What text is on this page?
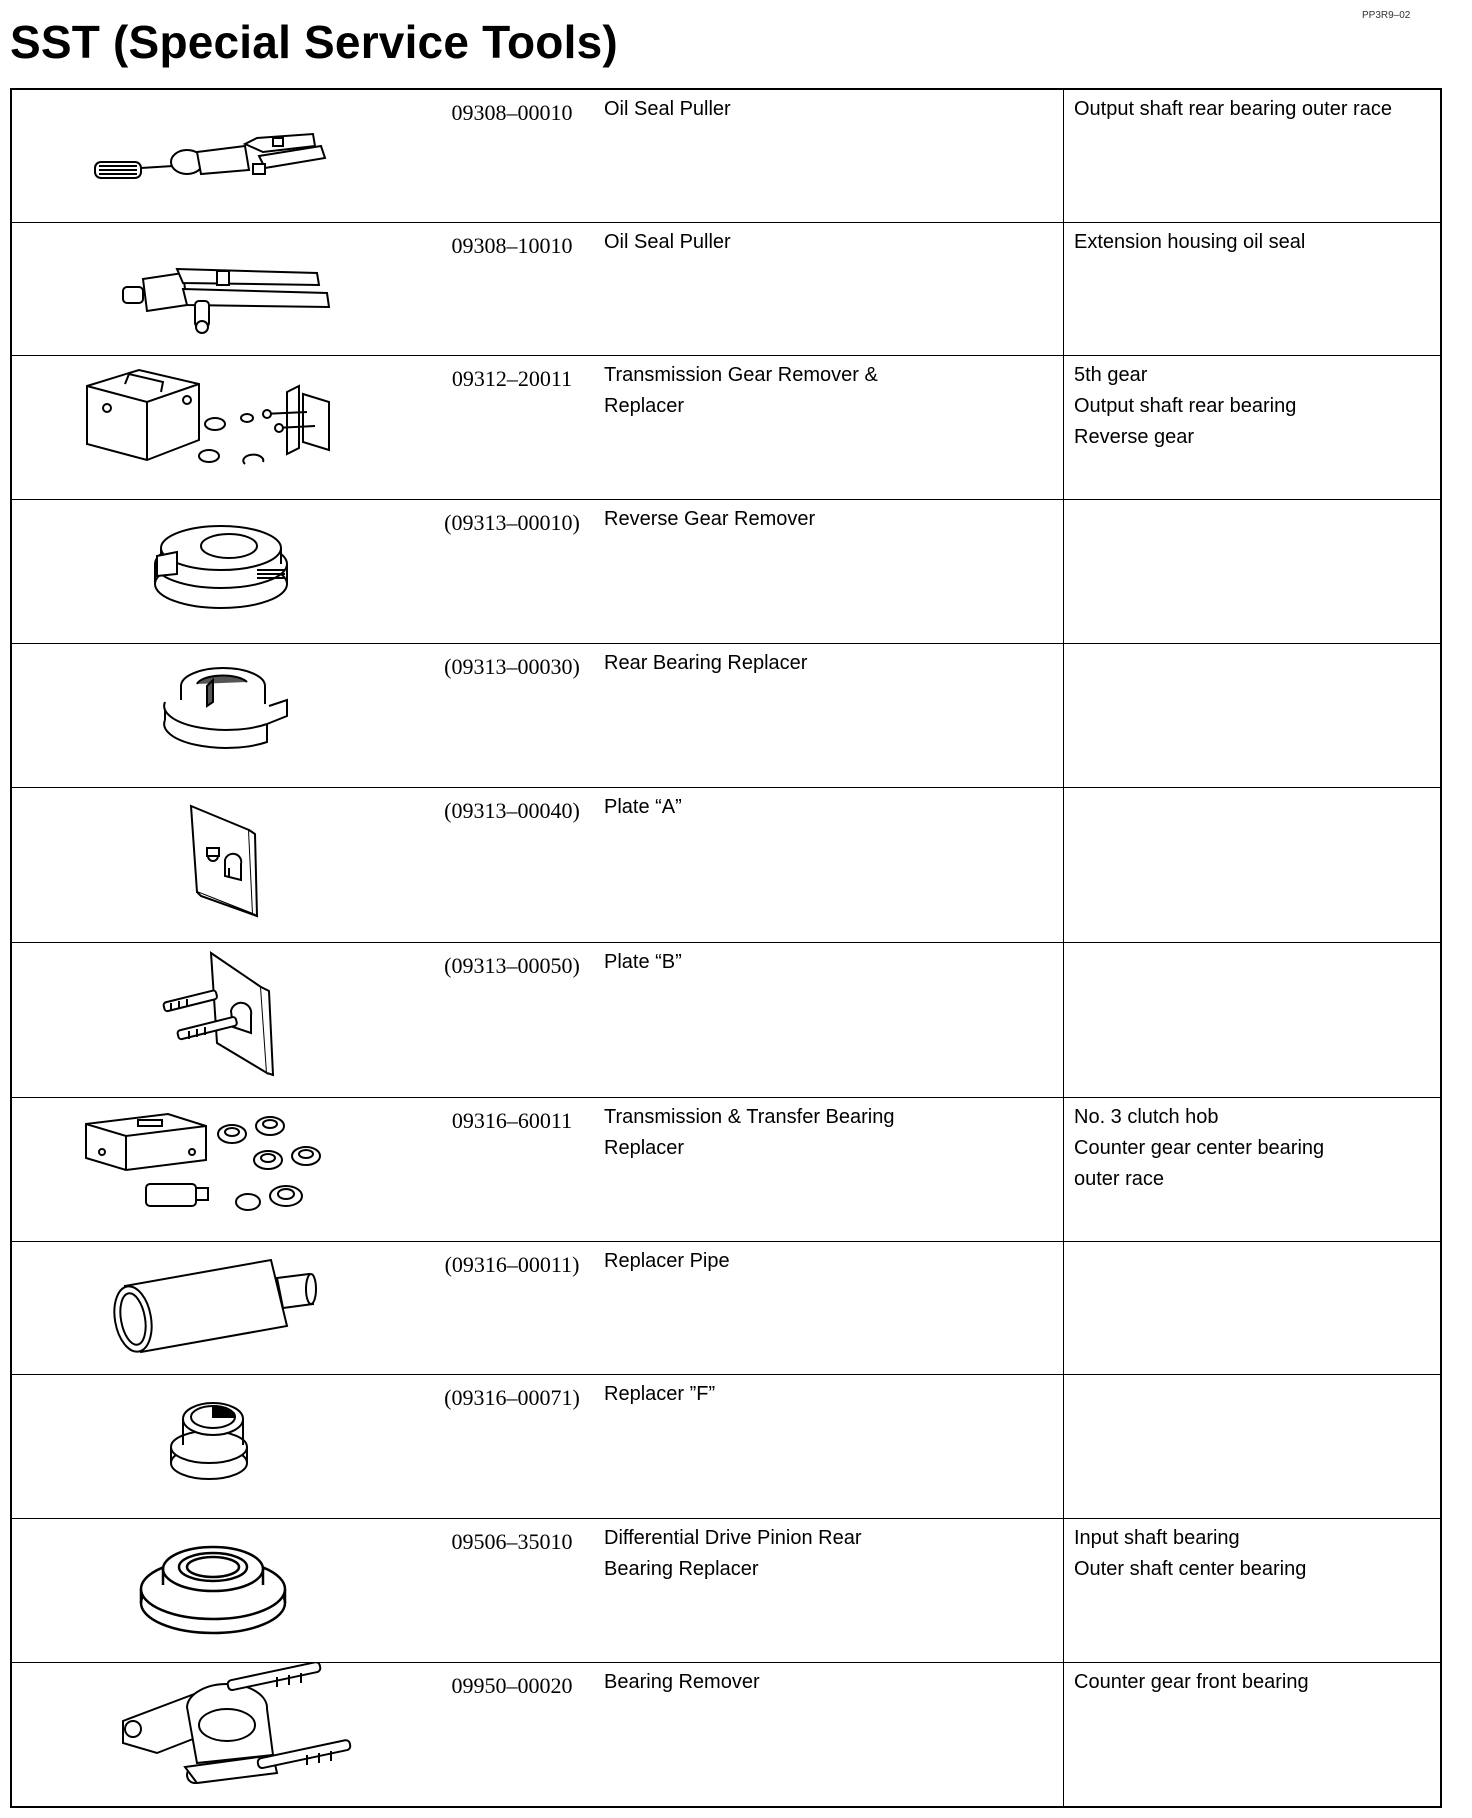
PP3R9–02
SST (Special Service Tools)
	09308–00010	Oil Seal Puller	Output shaft rear bearing outer race

	09308–10010	Oil Seal Puller	Extension housing oil seal

	09312–20011	Transmission Gear Remover &
Replacer	5th gear
Output shaft rear bearing
Reverse gear

	(09313–00010)	Reverse Gear Remover	

	(09313–00030)	Rear Bearing Replacer	

	(09313–00040)	Plate “A”	

	(09313–00050)	Plate “B”	

	09316–60011	Transmission & Transfer Bearing
Replacer	No. 3 clutch hob
Counter gear center bearing
outer race

	(09316–00011)	Replacer Pipe	

	(09316–00071)	Replacer ”F”	

	09506–35010	Differential Drive Pinion Rear
Bearing Replacer	Input shaft bearing
Outer shaft center bearing

	09950–00020	Bearing Remover	Counter gear front bearing
